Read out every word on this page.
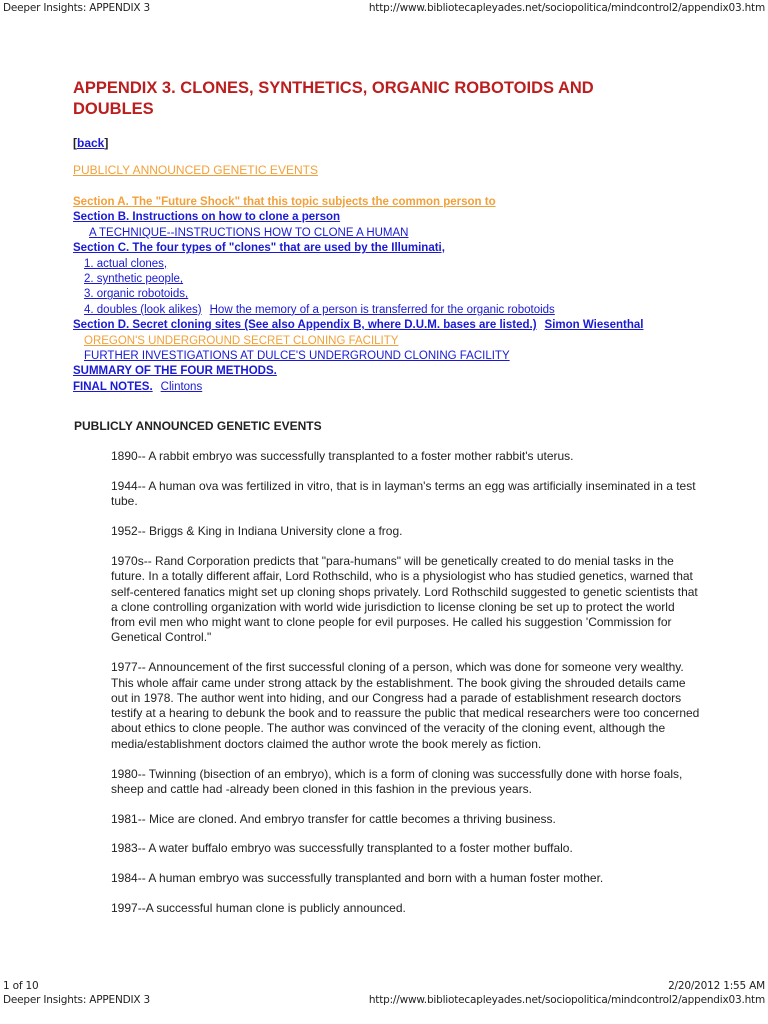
Deeper Insights: APPENDIX 3	http://www.bibliotecapleyades.net/sociopolitica/mindcontrol2/appendix03.htm
APPENDIX 3. CLONES, SYNTHETICS, ORGANIC ROBOTOIDS AND DOUBLES
[back]
PUBLICLY ANNOUNCED GENETIC EVENTS
Section A. The "Future Shock" that this topic subjects the common person to
Section B. Instructions on how to clone a person
A TECHNIQUE--INSTRUCTIONS HOW TO CLONE A HUMAN
Section C. The four types of "clones" that are used by the Illuminati,
1. actual clones,
2. synthetic people,
3. organic robotoids,
4. doubles (look alikes) How the memory of a person is transferred for the organic robotoids
Section D. Secret cloning sites (See also Appendix B, where D.U.M. bases are listed.) Simon Wiesenthal
OREGON'S UNDERGROUND SECRET CLONING FACILITY
FURTHER INVESTIGATIONS AT DULCE'S UNDERGROUND CLONING FACILITY
SUMMARY OF THE FOUR METHODS.
FINAL NOTES. Clintons
PUBLICLY ANNOUNCED GENETIC EVENTS

1890-- A rabbit embryo was successfully transplanted to a foster mother rabbit's uterus.

1944-- A human ova was fertilized in vitro, that is in layman's terms an egg was artificially inseminated in a test tube.

1952-- Briggs & King in Indiana University clone a frog.

1970s-- Rand Corporation predicts that "para-humans" will be genetically created to do menial tasks in the future. In a totally different affair, Lord Rothschild, who is a physiologist who has studied genetics, warned that self-centered fanatics might set up cloning shops privately. Lord Rothschild suggested to genetic scientists that a clone controlling organization with world wide jurisdiction to license cloning be set up to protect the world from evil men who might want to clone people for evil purposes. He called his suggestion 'Commission for Genetical Control."

1977-- Announcement of the first successful cloning of a person, which was done for someone very wealthy. This whole affair came under strong attack by the establishment. The book giving the shrouded details came out in 1978. The author went into hiding, and our Congress had a parade of establishment research doctors testify at a hearing to debunk the book and to reassure the public that medical researchers were too concerned about ethics to clone people. The author was convinced of the veracity of the cloning event, although the media/establishment doctors claimed the author wrote the book merely as fiction.

1980-- Twinning (bisection of an embryo), which is a form of cloning was successfully done with horse foals, sheep and cattle had -already been cloned in this fashion in the previous years.

1981-- Mice are cloned. And embryo transfer for cattle becomes a thriving business.

1983-- A water buffalo embryo was successfully transplanted to a foster mother buffalo.

1984-- A human embryo was successfully transplanted and born with a human foster mother.

1997--A successful human clone is publicly announced.

1 of 10	2/20/2012 1:55 AM
Deeper Insights: APPENDIX 3	http://www.bibliotecapleyades.net/sociopolitica/mindcontrol2/appendix03.htm
